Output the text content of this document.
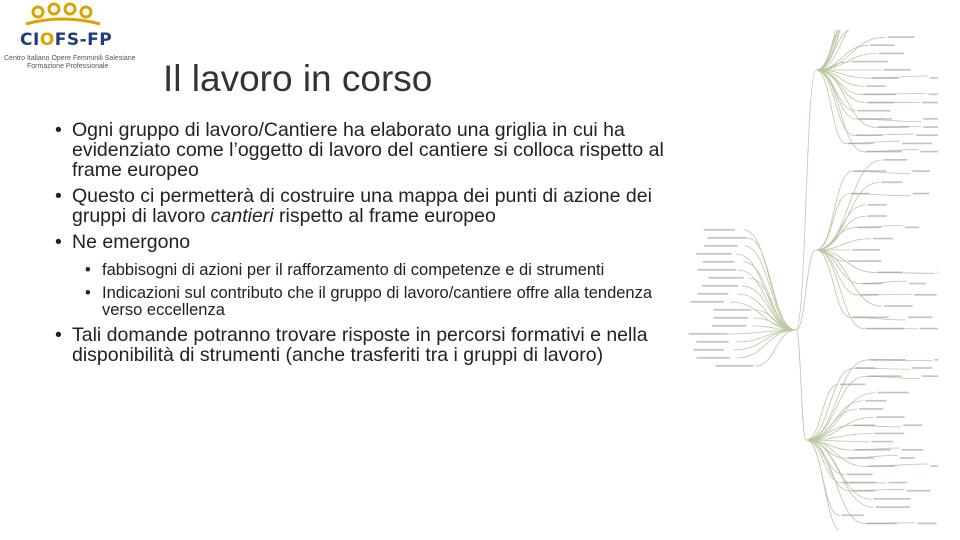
CIOFS-FP
Centro Italiano Opere Femminili Salesiane
Formazione Professionale Il lavoro in corso
• Ogni gruppo di lavoro/Cantiere ha elaborato una griglia in cui ha evidenziato come l’oggetto di lavoro del cantiere si colloca rispetto al frame europeo
• Questo ci permetterà di costruire una mappa dei punti di azione dei gruppi di lavoro cantieri rispetto al frame europeo
• Ne emergono
• fabbisogni di azioni per il rafforzamento di competenze e di strumenti
• Indicazioni sul contributo che il gruppo di lavoro/cantiere offre alla tendenza verso eccellenza
• Tali domande potranno trovare risposte in percorsi formativi e nella disponibilità di strumenti (anche trasferiti tra i gruppi di lavoro)
